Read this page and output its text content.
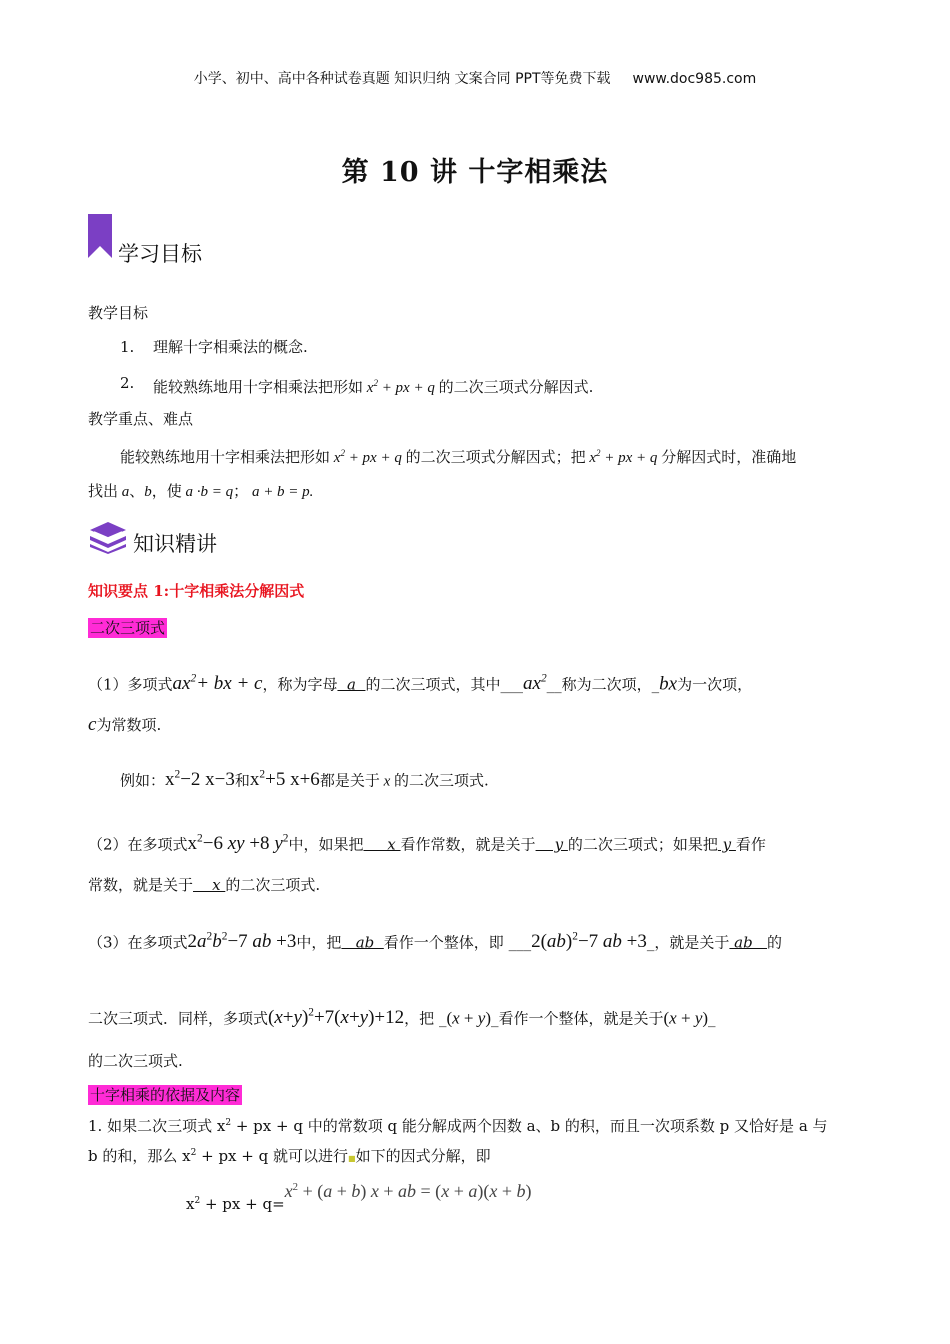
小学、初中、高中各种试卷真题 知识归纳 文案合同 PPT等免费下载 www.doc985.com
第 10 讲 十字相乘法
学习目标
教学目标
1. 理解十字相乘法的概念.
2. 能较熟练地用十字相乘法把形如 $x^2$ + px + q 的二次三项式分解因式.
教学重点、难点
能较熟练地用十字相乘法把形如 $x^2$ + px + q 的二次三项式分解因式；把 $x^2$ + px + q 分解因式时，准确地
找出 a、b，使 a ·b = q； a + b = p.
知识精讲
知识要点 1:十字相乘法分解因式
二次三项式
（1）多项式$ax^2+$ bx + c，称为字母  a  的二次三项式，其中$\_\_\_ax^2\_\_$称为二次项，_bx为一次项，
c为常数项.
例如：$x^2-2$ x−3和$x^2+5$ x+6都是关于 x 的二次三项式.
（2）在多项式$x^2-6$ xy +8 $y^2$中，如果把     x 看作常数，就是关于    y 的二次三项式；如果把 y 看作
常数，就是关于    x 的二次三项式.
（3）在多项式$2a^2b^2-7$ ab +3中，把   ab  看作一个整体，即 ___2(ab)$^2$−7 ab +3_，就是关于 ab   的
二次三项式．同样，多项式$(x+y)^2+7(x+y)+12$，把 _(x + y)_看作一个整体，就是关于(x + y)_
的二次三项式.
十字相乘的依据及内容
1. 如果二次三项式 $x^2$ + px + q 中的常数项 q 能分解成两个因数 a、b 的积，而且一次项系数 p 又恰好是 a 与
b 的和，那么 $x^2$ + px + q 就可以进行■如下的因式分解，即
$x^2$ + px + $q=x^2 + (a + b) x$ + ab = (x + a)(x + b)
